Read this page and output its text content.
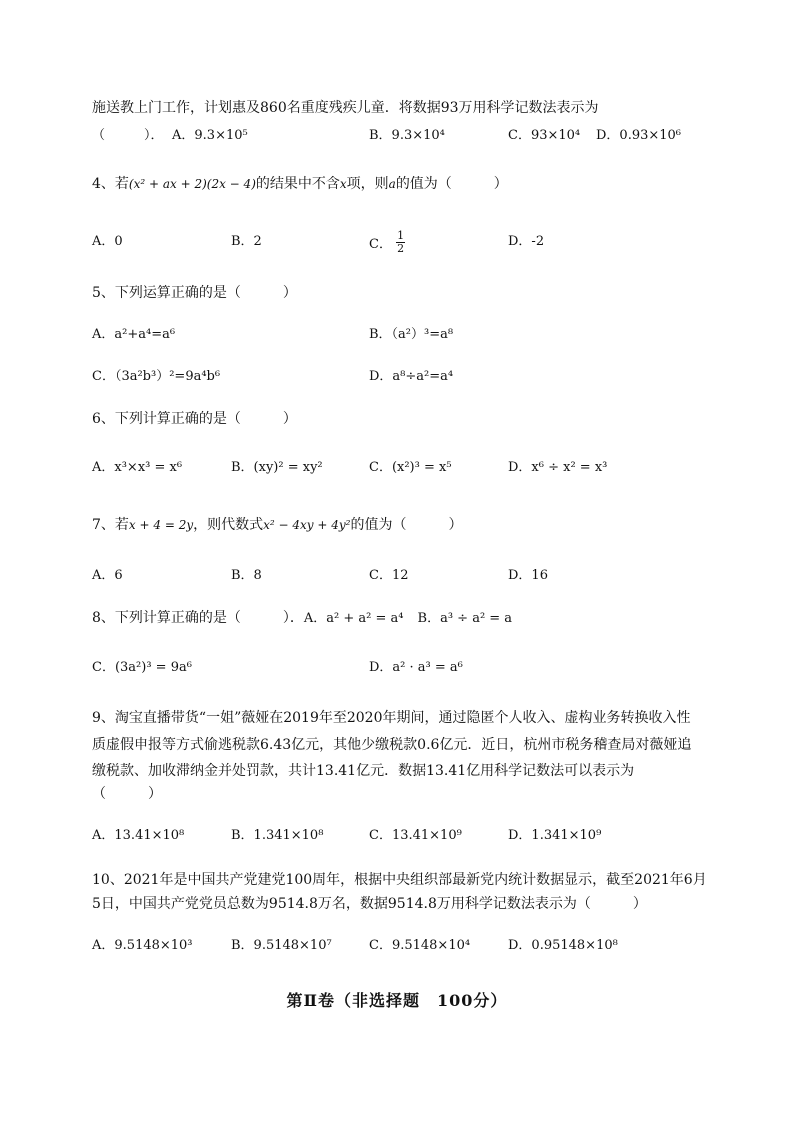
施送教上门工作，计划惠及860名重度残疾儿童．将数据93万用科学记数法表示为
（　　　）． A．9.3×10⁵	B．9.3×10⁴	C．93×10⁴ D．0.93×10⁶
4、若(x² + ax + 2)(2x − 4)的结果中不含x项，则a的值为（　　　）
A．0	B．2	C． $\frac{1}{2}$	D．-2
5、下列运算正确的是（　　　）
A．a²+a⁴=a⁶	B．（a²）³=a⁸
C．（3a²b³）²=9a⁴b⁶	D．a⁸÷a²=a⁴
6、下列计算正确的是（　　　）
A．x³×x³ = x⁶	B．(xy)² = xy²	C．(x²)³ = x⁵	D．x⁶ ÷ x² = x³
7、若x + 4 = 2y，则代数式x² − 4xy + 4y²的值为（　　　）
A．6	B．8	C．12	D．16
8、下列计算正确的是（　　　）．A．a² + a² = a⁴ B．a³ ÷ a² = a
C．(3a²)³ = 9a⁶	D．a² · a³ = a⁶
9、淘宝直播带货“一姐”薇娅在2019年至2020年期间，通过隐匿个人收入、虚构业务转换收入性
质虚假申报等方式偷逃税款6.43亿元，其他少缴税款0.6亿元．近日，杭州市税务稽查局对薇娅追
缴税款、加收滞纳金并处罚款，共计13.41亿元．数据13.41亿用科学记数法可以表示为
（　　　）
A．13.41×10⁸	B．1.341×10⁸	C．13.41×10⁹	D．1.341×10⁹
10、2021年是中国共产党建党100周年，根据中央组织部最新党内统计数据显示，截至2021年6月
5日，中国共产党党员总数为9514.8万名，数据9514.8万用科学记数法表示为（　　　）
A．9.5148×10³	B．9.5148×10⁷	C．9.5148×10⁴	D．0.95148×10⁸
第Ⅱ卷（非选择题　100分）
